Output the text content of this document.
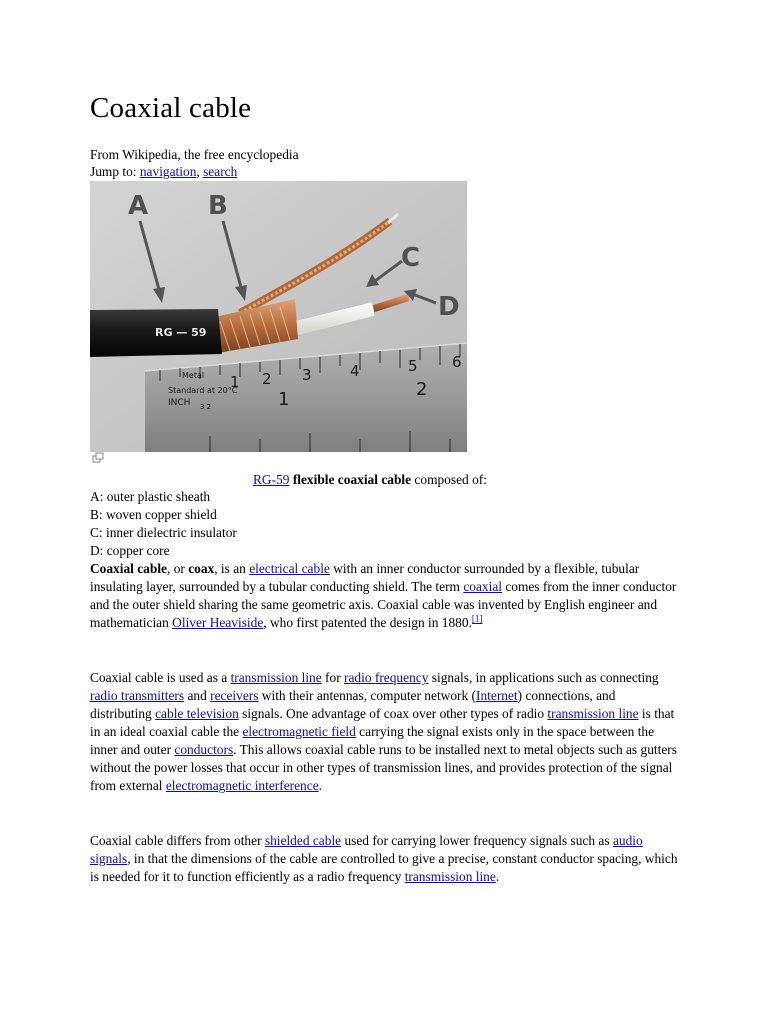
Coaxial cable
From Wikipedia, the free encyclopedia
Jump to: navigation, search
1 2 3	4	5 6
1	2
Standard at 20°C
INCH
Metal
3 2
RG — 59
A B
C
D
RG-59 flexible coaxial cable composed of:
A: outer plastic sheath
B: woven copper shield
C: inner dielectric insulator
D: copper core

Coaxial cable, or coax, is an electrical cable with an inner conductor surrounded by a flexible, tubular insulating layer, surrounded by a tubular conducting shield. The term coaxial comes from the inner conductor and the outer shield sharing the same geometric axis. Coaxial cable was invented by English engineer and mathematician Oliver Heaviside, who first patented the design in 1880.[1]

Coaxial cable is used as a transmission line for radio frequency signals, in applications such as connecting radio transmitters and receivers with their antennas, computer network (Internet) connections, and distributing cable television signals. One advantage of coax over other types of radio transmission line is that in an ideal coaxial cable the electromagnetic field carrying the signal exists only in the space between the inner and outer conductors. This allows coaxial cable runs to be installed next to metal objects such as gutters without the power losses that occur in other types of transmission lines, and provides protection of the signal from external electromagnetic interference.

Coaxial cable differs from other shielded cable used for carrying lower frequency signals such as audio signals, in that the dimensions of the cable are controlled to give a precise, constant conductor spacing, which is needed for it to function efficiently as a radio frequency transmission line.
